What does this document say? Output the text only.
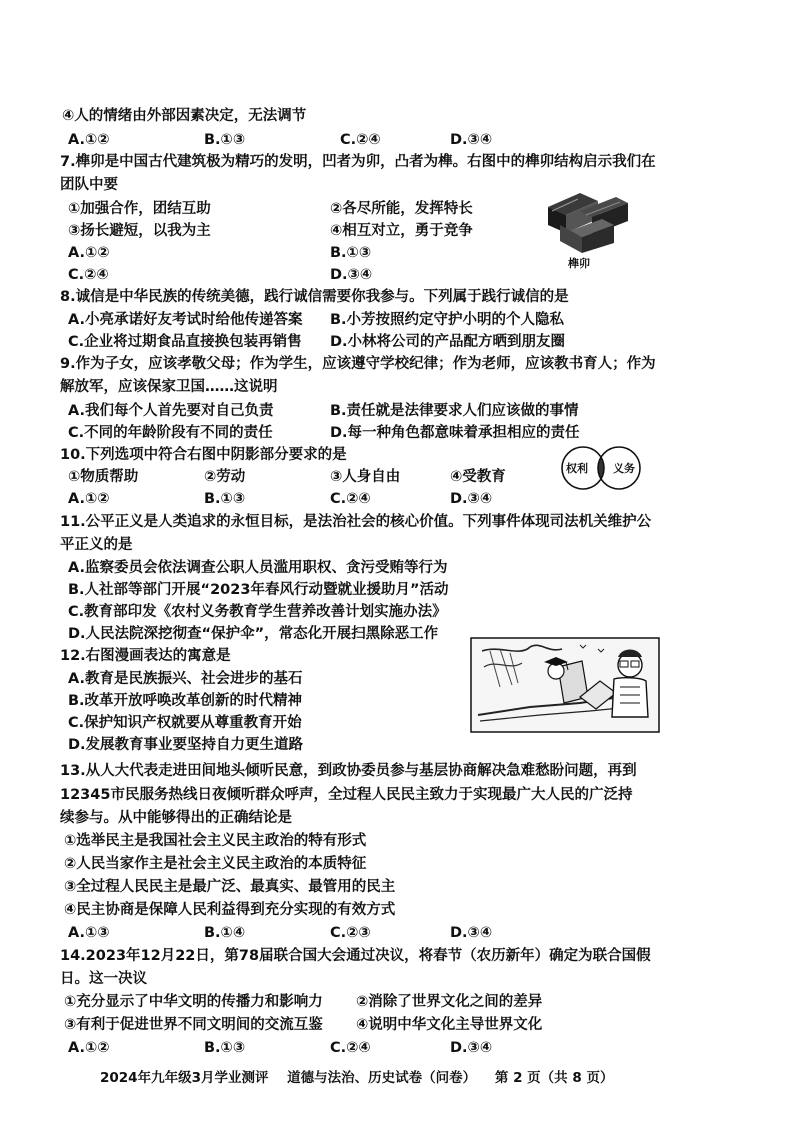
④人的情绪由外部因素决定，无法调节
A.①②	B.①③	C.②④	D.③④
7.榫卯是中国古代建筑极为精巧的发明，凹者为卯，凸者为榫。右图中的榫卯结构启示我们在
团队中要
①加强合作，团结互助	②各尽所能，发挥特长
③扬长避短，以我为主	④相互对立，勇于竞争
A.①②	B.①③
C.②④	D.③④
榫卯
8.诚信是中华民族的传统美德，践行诚信需要你我参与。下列属于践行诚信的是
A.小亮承诺好友考试时给他传递答案 B.小芳按照约定守护小明的个人隐私
C.企业将过期食品直接换包装再销售 D.小林将公司的产品配方晒到朋友圈
9.作为子女，应该孝敬父母；作为学生，应该遵守学校纪律；作为老师，应该教书育人；作为
解放军，应该保家卫国……这说明
A.我们每个人首先要对自己负责	B.责任就是法律要求人们应该做的事情
C.不同的年龄阶段有不同的责任	D.每一种角色都意味着承担相应的责任
10.下列选项中符合右图中阴影部分要求的是
①物质帮助	②劳动	③人身自由	④受教育
A.①②	B.①③	C.②④	D.③④
权利 义务
11.公平正义是人类追求的永恒目标，是法治社会的核心价值。下列事件体现司法机关维护公
平正义的是
A.监察委员会依法调查公职人员滥用职权、贪污受贿等行为
B.人社部等部门开展“2023年春风行动暨就业援助月”活动
C.教育部印发《农村义务教育学生营养改善计划实施办法》
D.人民法院深挖彻查“保护伞”，常态化开展扫黑除恶工作
12.右图漫画表达的寓意是
A.教育是民族振兴、社会进步的基石
B.改革开放呼唤改革创新的时代精神
C.保护知识产权就要从尊重教育开始
D.发展教育事业要坚持自力更生道路
13.从人大代表走进田间地头倾听民意，到政协委员参与基层协商解决急难愁盼问题，再到
12345市民服务热线日夜倾听群众呼声，全过程人民民主致力于实现最广大人民的广泛持
续参与。从中能够得出的正确结论是
①选举民主是我国社会主义民主政治的特有形式
②人民当家作主是社会主义民主政治的本质特征
③全过程人民民主是最广泛、最真实、最管用的民主
④民主协商是保障人民利益得到充分实现的有效方式
A.①③	B.①④	C.②③	D.③④
14.2023年12月22日，第78届联合国大会通过决议，将春节（农历新年）确定为联合国假
日。这一决议
①充分显示了中华文明的传播力和影响力 ②消除了世界文化之间的差异
③有利于促进世界不同文明间的交流互鉴 ④说明中华文化主导世界文化
A.①②	B.①③	C.②④	D.③④
2024年九年级3月学业测评 道德与法治、历史试卷（问卷） 第 2 页（共 8 页）
